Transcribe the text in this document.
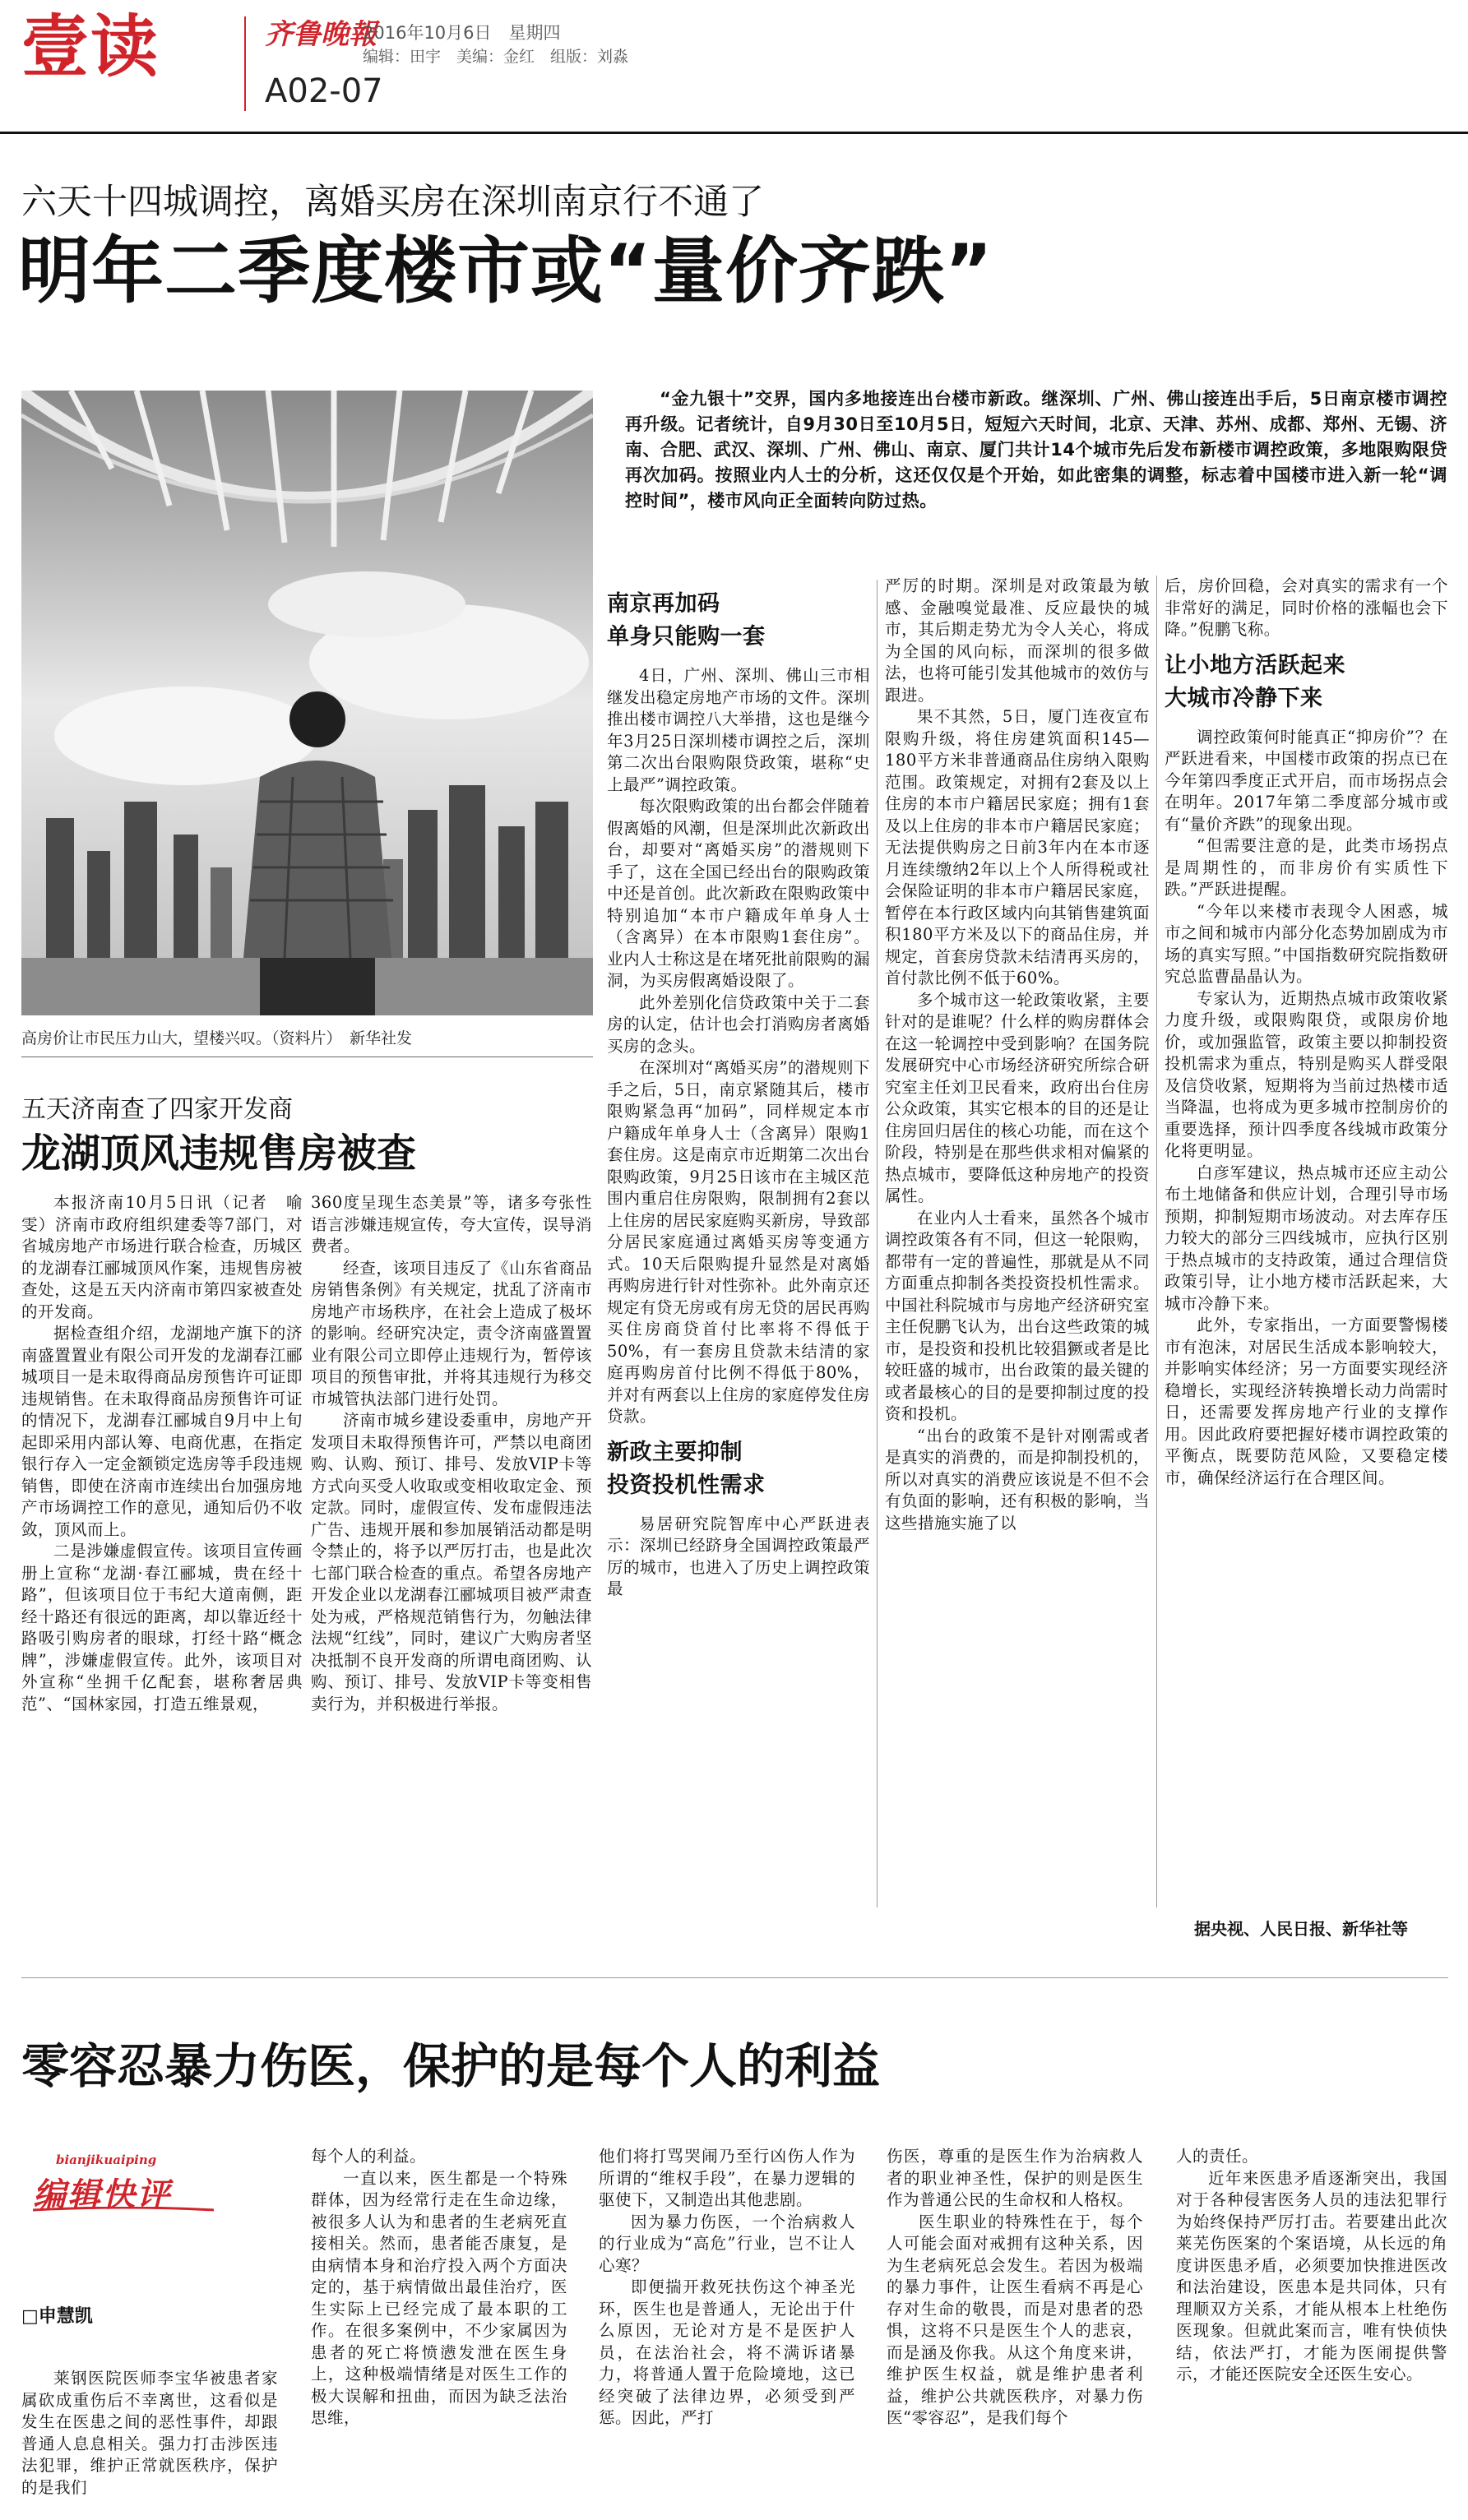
壹读	齐鲁晚報
2016年10月6日　星期四
编辑：田宇　美编：金红　组版：刘淼
A02-07
六天十四城调控，离婚买房在深圳南京行不通了
明年二季度楼市或“量价齐跌”
高房价让市民压力山大，望楼兴叹。（资料片）　新华社发

“金九银十”交界，国内多地接连出台楼市新政。继深圳、广州、佛山接连出手后，5日南京楼市调控再升级。记者统计，自9月30日至10月5日，短短六天时间，北京、天津、苏州、成都、郑州、无锡、济南、合肥、武汉、深圳、广州、佛山、南京、厦门共计14个城市先后发布新楼市调控政策，多地限购限贷再次加码。按照业内人士的分析，这还仅仅是个开始，如此密集的调整，标志着中国楼市进入新一轮“调控时间”，楼市风向正全面转向防过热。

南京再加码
单身只能购一套

4日，广州、深圳、佛山三市相继发出稳定房地产市场的文件。深圳推出楼市调控八大举措，这也是继今年3月25日深圳楼市调控之后，深圳第二次出台限购限贷政策，堪称“史上最严”调控政策。

每次限购政策的出台都会伴随着假离婚的风潮，但是深圳此次新政出台，却要对“离婚买房”的潜规则下手了，这在全国已经出台的限购政策中还是首创。此次新政在限购政策中特别追加“本市户籍成年单身人士（含离异）在本市限购1套住房”。业内人士称这是在堵死批前限购的漏洞，为买房假离婚设限了。

此外差别化信贷政策中关于二套房的认定，估计也会打消购房者离婚买房的念头。

在深圳对“离婚买房”的潜规则下手之后，5日，南京紧随其后，楼市限购紧急再“加码”，同样规定本市户籍成年单身人士（含离异）限购1套住房。这是南京市近期第二次出台限购政策，9月25日该市在主城区范围内重启住房限购，限制拥有2套以上住房的居民家庭购买新房，导致部分居民家庭通过离婚买房等变通方式。10天后限购提升显然是对离婚再购房进行针对性弥补。此外南京还规定有贷无房或有房无贷的居民再购买住房商贷首付比率将不得低于50%，有一套房且贷款未结清的家庭再购房首付比例不得低于80%，并对有两套以上住房的家庭停发住房贷款。

新政主要抑制
投资投机性需求

易居研究院智库中心严跃进表示：深圳已经跻身全国调控政策最严厉的城市，也进入了历史上调控政策最

严厉的时期。深圳是对政策最为敏感、金融嗅觉最准、反应最快的城市，其后期走势尤为令人关心，将成为全国的风向标，而深圳的很多做法，也将可能引发其他城市的效仿与跟进。

果不其然，5日，厦门连夜宣布限购升级，将住房建筑面积145—180平方米非普通商品住房纳入限购范围。政策规定，对拥有2套及以上住房的本市户籍居民家庭；拥有1套及以上住房的非本市户籍居民家庭；无法提供购房之日前3年内在本市逐月连续缴纳2年以上个人所得税或社会保险证明的非本市户籍居民家庭，暂停在本行政区域内向其销售建筑面积180平方米及以下的商品住房，并规定，首套房贷款未结清再买房的，首付款比例不低于60%。

多个城市这一轮政策收紧，主要针对的是谁呢？什么样的购房群体会在这一轮调控中受到影响？在国务院发展研究中心市场经济研究所综合研究室主任刘卫民看来，政府出台住房公众政策，其实它根本的目的还是让住房回归居住的核心功能，而在这个阶段，特别是在那些供求相对偏紧的热点城市，要降低这种房地产的投资属性。

在业内人士看来，虽然各个城市调控政策各有不同，但这一轮限购，都带有一定的普遍性，那就是从不同方面重点抑制各类投资投机性需求。中国社科院城市与房地产经济研究室主任倪鹏飞认为，出台这些政策的城市，是投资和投机比较猖獗或者是比较旺盛的城市，出台政策的最关键的或者最核心的目的是要抑制过度的投资和投机。

“出台的政策不是针对刚需或者是真实的消费的，而是抑制投机的，所以对真实的消费应该说是不但不会有负面的影响，还有积极的影响，当这些措施实施了以

后，房价回稳，会对真实的需求有一个非常好的满足，同时价格的涨幅也会下降。”倪鹏飞称。

让小地方活跃起来
大城市冷静下来

调控政策何时能真正“抑房价”？在严跃进看来，中国楼市政策的拐点已在今年第四季度正式开启，而市场拐点会在明年。2017年第二季度部分城市或有“量价齐跌”的现象出现。

“但需要注意的是，此类市场拐点是周期性的，而非房价有实质性下跌。”严跃进提醒。

“今年以来楼市表现令人困惑，城市之间和城市内部分化态势加剧成为市场的真实写照。”中国指数研究院指数研究总监曹晶晶认为。

专家认为，近期热点城市政策收紧力度升级，或限购限贷，或限房价地价，或加强监管，政策主要以抑制投资投机需求为重点，特别是购买人群受限及信贷收紧，短期将为当前过热楼市适当降温，也将成为更多城市控制房价的重要选择，预计四季度各线城市政策分化将更明显。

白彦军建议，热点城市还应主动公布土地储备和供应计划，合理引导市场预期，抑制短期市场波动。对去库存压力较大的部分三四线城市，应执行区别于热点城市的支持政策，通过合理信贷政策引导，让小地方楼市活跃起来，大城市冷静下来。

此外，专家指出，一方面要警惕楼市有泡沫，对居民生活成本影响较大，并影响实体经济；另一方面要实现经济稳增长，实现经济转换增长动力尚需时日，还需要发挥房地产行业的支撑作用。因此政府要把握好楼市调控政策的平衡点，既要防范风险，又要稳定楼市，确保经济运行在合理区间。

据央视、人民日报、新华社等
五天济南查了四家开发商
龙湖顶风违规售房被查

本报济南10月5日讯（记者　喻雯）济南市政府组织建委等7部门，对省城房地产市场进行联合检查，历城区的龙湖春江郦城顶风作案，违规售房被查处，这是五天内济南市第四家被查处的开发商。

据检查组介绍，龙湖地产旗下的济南盛置置业有限公司开发的龙湖春江郦城项目一是未取得商品房预售许可证即违规销售。在未取得商品房预售许可证的情况下，龙湖春江郦城自9月中上旬起即采用内部认筹、电商优惠，在指定银行存入一定金额锁定选房等手段违规销售，即使在济南市连续出台加强房地产市场调控工作的意见，通知后仍不收敛，顶风而上。

二是涉嫌虚假宣传。该项目宣传画册上宣称“龙湖·春江郦城，贵在经十路”，但该项目位于韦纪大道南侧，距经十路还有很远的距离，却以靠近经十路吸引购房者的眼球，打经十路“概念牌”，涉嫌虚假宣传。此外，该项目对外宣称“坐拥千亿配套，堪称奢居典范”、“国林家园，打造五维景观，

360度呈现生态美景”等，诸多夸张性语言涉嫌违规宣传，夸大宣传，误导消费者。

经查，该项目违反了《山东省商品房销售条例》有关规定，扰乱了济南市房地产市场秩序，在社会上造成了极坏的影响。经研究决定，责令济南盛置置业有限公司立即停止违规行为，暂停该项目的预售审批，并将其违规行为移交市城管执法部门进行处罚。

济南市城乡建设委重申，房地产开发项目未取得预售许可，严禁以电商团购、认购、预订、排号、发放VIP卡等方式向买受人收取或变相收取定金、预定款。同时，虚假宣传、发布虚假违法广告、违规开展和参加展销活动都是明令禁止的，将予以严厉打击，也是此次七部门联合检查的重点。希望各房地产开发企业以龙湖春江郦城项目被严肃查处为戒，严格规范销售行为，勿触法律法规“红线”，同时，建议广大购房者坚决抵制不良开发商的所谓电商团购、认购、预订、排号、发放VIP卡等变相售卖行为，并积极进行举报。

零容忍暴力伤医，保护的是每个人的利益
bianjikuaiping
编辑快评
□申慧凯

莱钢医院医师李宝华被患者家属砍成重伤后不幸离世，这看似是发生在医患之间的恶性事件，却跟普通人息息相关。强力打击涉医违法犯罪，维护正常就医秩序，保护的是我们

每个人的利益。

一直以来，医生都是一个特殊群体，因为经常行走在生命边缘，被很多人认为和患者的生老病死直接相关。然而，患者能否康复，是由病情本身和治疗投入两个方面决定的，基于病情做出最佳治疗，医生实际上已经完成了最本职的工作。在很多案例中，不少家属因为患者的死亡将愤懑发泄在医生身上，这种极端情绪是对医生工作的极大误解和扭曲，而因为缺乏法治思维，

他们将打骂哭闹乃至行凶伤人作为所谓的“维权手段”，在暴力逻辑的驱使下，又制造出其他悲剧。

因为暴力伤医，一个治病救人的行业成为“高危”行业，岂不让人心寒？

即便揣开救死扶伤这个神圣光环，医生也是普通人，无论出于什么原因，无论对方是不是医护人员，在法治社会，将不满诉诸暴力，将普通人置于危险境地，这已经突破了法律边界，必须受到严惩。因此，严打

伤医，尊重的是医生作为治病救人者的职业神圣性，保护的则是医生作为普通公民的生命权和人格权。

医生职业的特殊性在于，每个人可能会面对戒拥有这种关系，因为生老病死总会发生。若因为极端的暴力事件，让医生看病不再是心存对生命的敬畏，而是对患者的恐惧，这将不只是医生个人的悲哀，而是涵及你我。从这个角度来讲，维护医生权益，就是维护患者利益，维护公共就医秩序，对暴力伤医“零容忍”，是我们每个

人的责任。

近年来医患矛盾逐渐突出，我国对于各种侵害医务人员的违法犯罪行为始终保持严厉打击。若要建出此次莱芜伤医案的个案语境，从长远的角度讲医患矛盾，必须要加快推进医改和法治建设，医患本是共同体，只有理顺双方关系，才能从根本上杜绝伤医现象。但就此案而言，唯有快侦快结，依法严打，才能为医闹提供警示，才能还医院安全还医生安心。
